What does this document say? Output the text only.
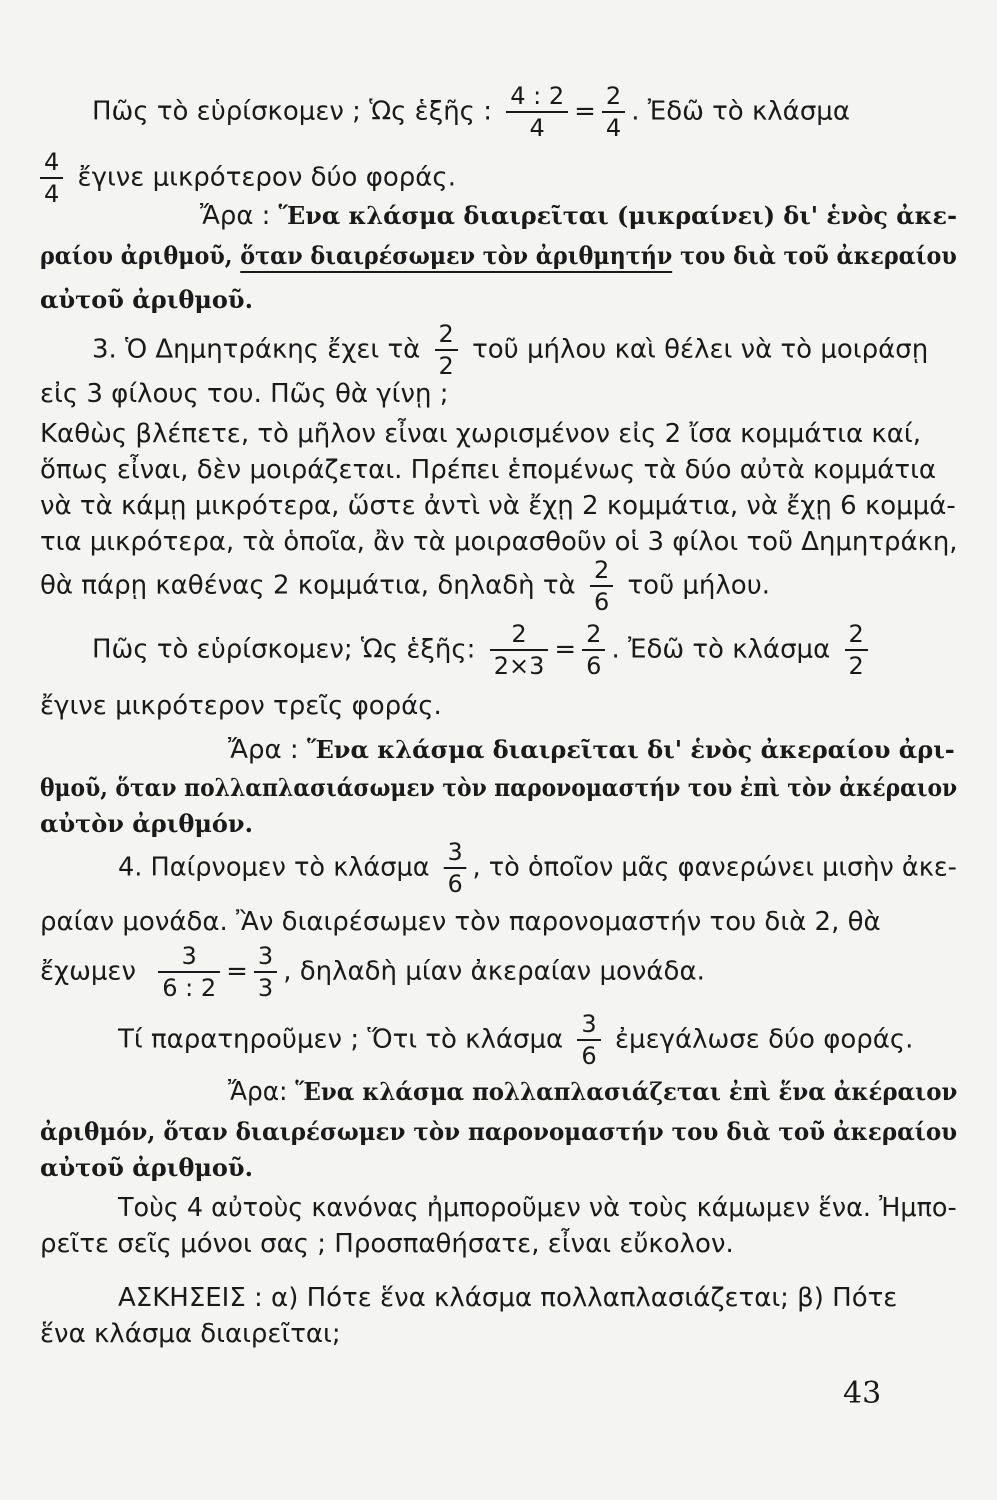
Πῶς τὸ εὑρίσκομεν ; Ὡς ἑξῆς : $\frac{4 : 2}{4} = \frac{2}{4}$ . Ἐδῶ τὸ κλάσμα
$\frac{4}{4}$ ἔγινε μικρότερον δύο φοράς.
Ἄρα : Ἕνα κλάσμα διαιρεῖται (μικραίνει) δι' ἑνὸς ἀκε-
ραίου ἀριθμοῦ, ὅταν διαιρέσωμεν τὸν ἀριθμητήν του διὰ τοῦ ἀκεραίου
αὐτοῦ ἀριθμοῦ.
3. Ὁ Δημητράκης ἔχει τὰ $\frac{2}{2}$ τοῦ μήλου καὶ θέλει νὰ τὸ μοιράσῃ
εἰς 3 φίλους του. Πῶς θὰ γίνῃ ;
Καθὼς βλέπετε, τὸ μῆλον εἶναι χωρισμένον εἰς 2 ἴσα κομμάτια καί,
ὅπως εἶναι, δὲν μοιράζεται. Πρέπει ἑπομένως τὰ δύο αὐτὰ κομμάτια
νὰ τὰ κάμῃ μικρότερα, ὥστε ἀντὶ νὰ ἔχῃ 2 κομμάτια, νὰ ἔχῃ 6 κομμά-
τια μικρότερα, τὰ ὁποῖα, ἂν τὰ μοιρασθοῦν οἱ 3 φίλοι τοῦ Δημητράκη,
θὰ πάρῃ καθένας 2 κομμάτια, δηλαδὴ τὰ $\frac{2}{6}$ τοῦ μήλου.
Πῶς τὸ εὑρίσκομεν; Ὡς ἑξῆς: $\frac{2}{2\times 3} = \frac{2}{6}$ . Ἐδῶ τὸ κλάσμα $\frac{2}{2}$
ἔγινε μικρότερον τρεῖς φοράς.
Ἄρα : Ἕνα κλάσμα διαιρεῖται δι' ἑνὸς ἀκεραίου ἀρι-
θμοῦ, ὅταν πολλαπλασιάσωμεν τὸν παρονομαστήν του ἐπὶ τὸν ἀκέραιον
αὐτὸν ἀριθμόν.
4. Παίρνομεν τὸ κλάσμα $\frac{3}{6}$ , τὸ ὁποῖον μᾶς φανερώνει μισὴν ἀκε-
ραίαν μονάδα. Ἂν διαιρέσωμεν τὸν παρονομαστήν του διὰ 2, θὰ
ἔχωμεν $\frac{3}{6 : 2} = \frac{3}{3}$ , δηλαδὴ μίαν ἀκεραίαν μονάδα.
Τί παρατηροῦμεν ; Ὅτι τὸ κλάσμα $\frac{3}{6}$ ἐμεγάλωσε δύο φοράς.
Ἄρα: Ἕνα κλάσμα πολλαπλασιάζεται ἐπὶ ἕνα ἀκέραιον
ἀριθμόν, ὅταν διαιρέσωμεν τὸν παρονομαστήν του διὰ τοῦ ἀκεραίου
αὐτοῦ ἀριθμοῦ.
Τοὺς 4 αὐτοὺς κανόνας ἠμποροῦμεν νὰ τοὺς κάμωμεν ἕνα. Ἠμπο-
ρεῖτε σεῖς μόνοι σας ; Προσπαθήσατε, εἶναι εὔκολον.
ΑΣΚΗΣΕΙΣ : α) Πότε ἕνα κλάσμα πολλαπλασιάζεται; β) Πότε
ἕνα κλάσμα διαιρεῖται;
43
